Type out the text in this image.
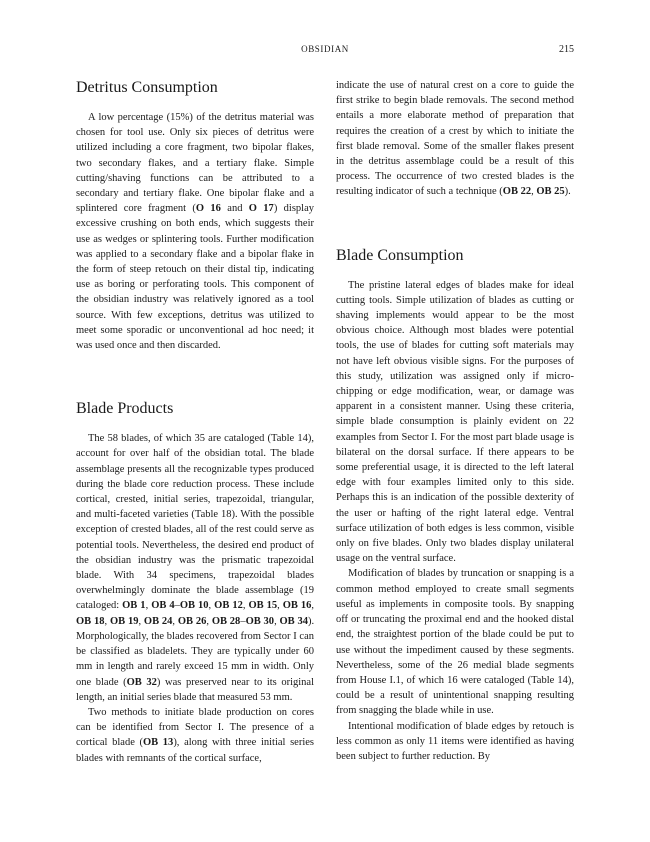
OBSIDIAN	215
Detritus Consumption

A low percentage (15%) of the detritus material was chosen for tool use. Only six pieces of detritus were utilized including a core fragment, two bipolar flakes, two secondary flakes, and a tertiary flake. Simple cutting/shaving functions can be attributed to a secondary and tertiary flake. One bipolar flake and a splintered core fragment (O 16 and O 17) display excessive crushing on both ends, which suggests their use as wedges or splintering tools. Further modification was applied to a secondary flake and a bipolar flake in the form of steep retouch on their distal tip, indicating use as boring or perforating tools. This component of the obsidian industry was relatively ignored as a tool source. With few exceptions, detritus was utilized to meet some sporadic or unconventional ad hoc need; it was used once and then discarded.

Blade Products

The 58 blades, of which 35 are cataloged (Table 14), account for over half of the obsidian total. The blade assemblage presents all the recognizable types produced during the blade core reduction process. These include cortical, crested, initial series, trapezoidal, triangular, and multi-faceted varieties (Table 18). With the possible exception of crested blades, all of the rest could serve as potential tools. Nevertheless, the desired end product of the obsidian industry was the prismatic trapezoidal blade. With 34 specimens, trapezoidal blades overwhelmingly dominate the blade assemblage (19 cataloged: OB 1, OB 4–OB 10, OB 12, OB 15, OB 16, OB 18, OB 19, OB 24, OB 26, OB 28–OB 30, OB 34). Morphologically, the blades recovered from Sector I can be classified as bladelets. They are typically under 60 mm in length and rarely exceed 15 mm in width. Only one blade (OB 32) was preserved near to its original length, an initial series blade that measured 53 mm.

Two methods to initiate blade production on cores can be identified from Sector I. The presence of a cortical blade (OB 13), along with three initial series blades with remnants of the cortical surface,

indicate the use of natural crest on a core to guide the first strike to begin blade removals. The second method entails a more elaborate method of preparation that requires the creation of a crest by which to initiate the first blade removal. Some of the smaller flakes present in the detritus assemblage could be a result of this process. The occurrence of two crested blades is the resulting indicator of such a technique (OB 22, OB 25).

Blade Consumption

The pristine lateral edges of blades make for ideal cutting tools. Simple utilization of blades as cutting or shaving implements would appear to be the most obvious choice. Although most blades were potential tools, the use of blades for cutting soft materials may not have left obvious visible signs. For the purposes of this study, utilization was assigned only if micro-chipping or edge modification, wear, or damage was apparent in a consistent manner. Using these criteria, simple blade consumption is plainly evident on 22 examples from Sector I. For the most part blade usage is bilateral on the dorsal surface. If there appears to be some preferential usage, it is directed to the left lateral edge with four examples limited only to this side. Perhaps this is an indication of the possible dexterity of the user or hafting of the right lateral edge. Ventral surface utilization of both edges is less common, visible only on five blades. Only two blades display unilateral usage on the ventral surface.

Modification of blades by truncation or snapping is a common method employed to create small segments useful as implements in composite tools. By snapping off or truncating the proximal end and the hooked distal end, the straightest portion of the blade could be put to use without the impediment caused by these segments. Nevertheless, some of the 26 medial blade segments from House I.1, of which 16 were cataloged (Table 14), could be a result of unintentional snapping resulting from snagging the blade while in use.

Intentional modification of blade edges by retouch is less common as only 11 items were identified as having been subject to further reduction. By
